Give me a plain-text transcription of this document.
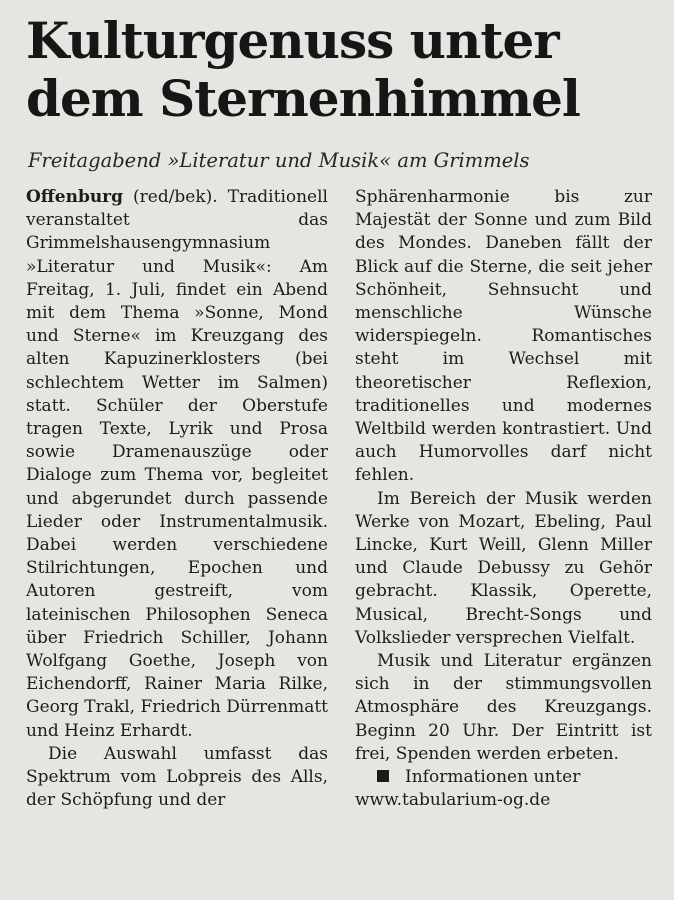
Kulturgenuss unter dem Sternenhimmel
Freitagabend »Literatur und Musik« am Grimmels

Offenburg (red/bek). Traditionell veranstaltet das Grimmelshausengymnasium »Literatur und Musik«: Am Freitag, 1. Juli, findet ein Abend mit dem Thema »Sonne, Mond und Sterne« im Kreuzgang des alten Kapuzinerklosters (bei schlechtem Wetter im Salmen) statt. Schüler der Oberstufe tragen Texte, Lyrik und Prosa sowie Dramenauszüge oder Dialoge zum Thema vor, begleitet und abgerundet durch passende Lieder oder Instrumentalmusik. Dabei werden verschiedene Stilrichtungen, Epochen und Autoren gestreift, vom lateinischen Philosophen Seneca über Friedrich Schiller, Johann Wolfgang Goethe, Joseph von Eichendorff, Rainer Maria Rilke, Georg Trakl, Friedrich Dürrenmatt und Heinz Erhardt.

Die Auswahl umfasst das Spektrum vom Lobpreis des Alls, der Schöpfung und der

Sphärenharmonie bis zur Majestät der Sonne und zum Bild des Mondes. Daneben fällt der Blick auf die Sterne, die seit jeher Schönheit, Sehnsucht und menschliche Wünsche widerspiegeln. Romantisches steht im Wechsel mit theoretischer Reflexion, traditionelles und modernes Weltbild werden kontrastiert. Und auch Humorvolles darf nicht fehlen.

Im Bereich der Musik werden Werke von Mozart, Ebeling, Paul Lincke, Kurt Weill, Glenn Miller und Claude Debussy zu Gehör gebracht. Klassik, Operette, Musical, Brecht-Songs und Volkslieder versprechen Vielfalt.

Musik und Literatur ergänzen sich in der stimmungsvollen Atmosphäre des Kreuzgangs. Beginn 20 Uhr. Der Eintritt ist frei, Spenden werden erbeten.

Informationen unter
www.tabularium-og.de
